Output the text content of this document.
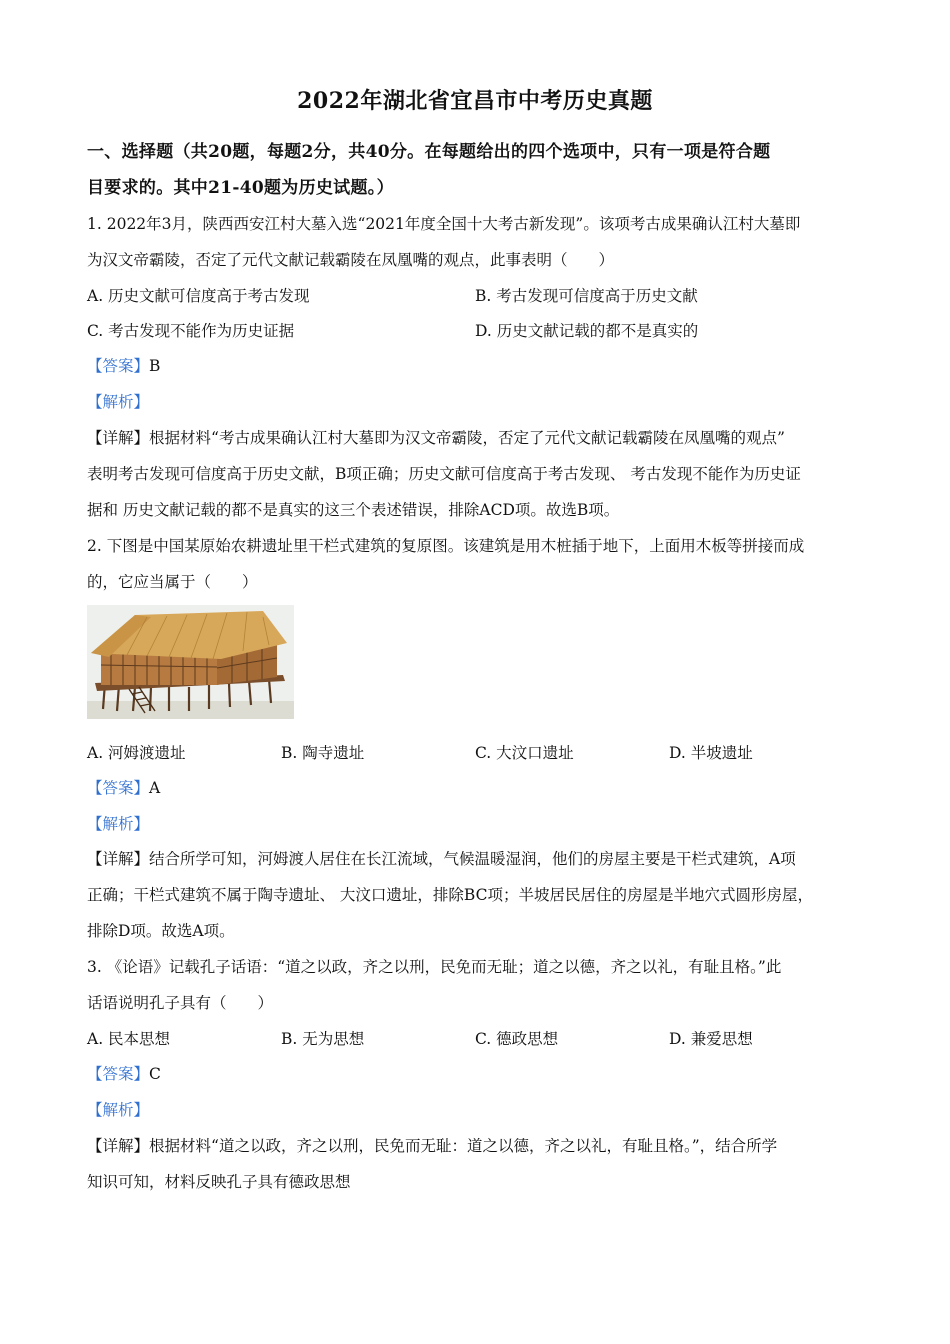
2022年湖北省宜昌市中考历史真题
一、选择题（共20题，每题2分，共40分。在每题给出的四个选项中，只有一项是符合题
目要求的。其中21-40题为历史试题。）
1. 2022年3月，陕西西安江村大墓入选“2021年度全国十大考古新发现”。该项考古成果确认江村大墓即
为汉文帝霸陵，否定了元代文献记载霸陵在凤凰嘴的观点，此事表明（　　）
A. 历史文献可信度高于考古发现	B. 考古发现可信度高于历史文献
C. 考古发现不能作为历史证据	D. 历史文献记载的都不是真实的
【答案】B
【解析】
【详解】根据材料“考古成果确认江村大墓即为汉文帝霸陵，否定了元代文献记载霸陵在凤凰嘴的观点”
表明考古发现可信度高于历史文献，B项正确；历史文献可信度高于考古发现、 考古发现不能作为历史证
据和 历史文献记载的都不是真实的这三个表述错误，排除ACD项。故选B项。
2. 下图是中国某原始农耕遗址里干栏式建筑的复原图。该建筑是用木桩插于地下，上面用木板等拼接而成
的，它应当属于（　　）
A. 河姆渡遗址	B. 陶寺遗址	C. 大汶口遗址	D. 半坡遗址
【答案】A
【解析】
【详解】结合所学可知，河姆渡人居住在长江流域，气候温暖湿润，他们的房屋主要是干栏式建筑，A项
正确；干栏式建筑不属于陶寺遗址、 大汶口遗址，排除BC项；半坡居民居住的房屋是半地穴式圆形房屋，
排除D项。故选A项。
3. 《论语》记载孔子话语：“道之以政，齐之以刑，民免而无耻；道之以德，齐之以礼，有耻且格。”此
话语说明孔子具有（　　）
A. 民本思想	B. 无为思想	C. 德政思想	D. 兼爱思想
【答案】C
【解析】
【详解】根据材料“道之以政，齐之以刑，民免而无耻：道之以德，齐之以礼，有耻且格。”，结合所学
知识可知，材料反映孔子具有德政思想
